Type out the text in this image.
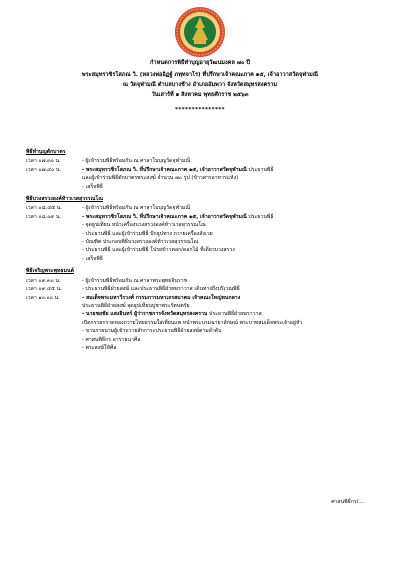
กำหนดการพิธีทำบุญอายุวัฒนมงคล ๗๐ ปี
พระสมุทรวชิรโสภณ วิ. (หลวงพ่ออิฏฐ์ ภทฺทจาโร) ที่ปรึกษาเจ้าคณะภาค ๑๕, เจ้าอาวาสวัดจุฬามณี
ณ วัดจุฬามณี ตำบลบางช้าง อำเภออัมพวา จังหวัดสมุทรสงคราม
วันเสาร์ที่ ๑ สิงหาคม พุทธศักราช ๒๕๖๓
***************
พิธีทำบุญตักบาตร
เวลา ๐๗.๓๐ น.	- ผู้เข้าร่วมพิธีพร้อมกัน ณ ศาลาโบบุญวัดจุฬามณี
เวลา ๐๗.๔๐ น.	- พระสมุทรวชิรโสภณ วิ. ที่ปรึกษาเจ้าคณะภาค ๑๕, เจ้าอาวาสวัดจุฬามณี ประธานพิธี
และผู้เข้าร่วมพิธีตักบาตรพระสงฆ์ จำนวน ๗๐ รูป (ข้าวสารอาหารแห้ง)
- เสร็จพิธี
พิธีบวงสรวงองค์ท้าวเวสสุวรรณโณ
เวลา ๐๘.๔๕ น.	- ผู้เข้าร่วมพิธีพร้อมกัน ณ ศาลาโบบุญวัดจุฬามณี
เวลา ๐๘.๐๙ น.	- พระสมุทรวชิรโสภณ วิ. ที่ปรึกษาเจ้าคณะภาค ๑๕, เจ้าอาวาสวัดจุฬามณี ประธานพิธี
- จุดธูปเทียน หน้าเครื่องบวงสรวงองค์ท้าวเวสสุวรรณโณ
- ประธานพิธี และผู้เข้าร่วมพิธี ปักธูปทาง ถวายเครื่องสังเวย
- บัณฑิต ประกอบพิธีบวงสรวงองค์ท้าวเวสสุวรรณโณ
- ประธานพิธี และผู้เข้าร่วมพิธี โปรยข้าวตอก/ดอกไม้ ที่เดียวบวงสรวง
- เสร็จพิธี
พิธีเจริญพระพุทธมนต์
เวลา ๐๙.๓๐ น.	- ผู้เข้าร่วมพิธีพร้อมกัน ณ ศาลาพระพุทธจินราช
เวลา ๐๙.๔๕ น.	- ประธานพิธีฝ่ายสงฆ์ และประธานพิธีฝ่ายฆราวาส เดินทางถึงบริเวณพิธี
เวลา ๑๐.๐๐ น.	- สมเด็จพระมหาวีรวงศ์ กรรมการมหาเถรสมาคม เจ้าคณะใหญ่หนกลาง
ประธานพิธีฝ่ายสงฆ์ จุดธูปเทียนบูชาพระรัตนตรัย
- นายชยชัย แสงอินทร์ ผู้ว่าราชการจังหวัดสมุทรสงคราม ประธานพิธีฝ่ายฆราวาส
เปิดกรวยกราดทองถวายไทยธรรมใส่เทียนแพ หน้าพระบรมฉายาลักษณ์ พระบาทสมเด็จพระเจ้าอยู่หัว
- ขานรายนามผู้เข้าถวายสักการะประธานพิธีฝ่ายสงฆ์ตามลำดับ
- ศาสนพิธีกร อาราธนาศีล
- พระสงฆ์ให้ศีล
ศาสนพิธีกร/....
